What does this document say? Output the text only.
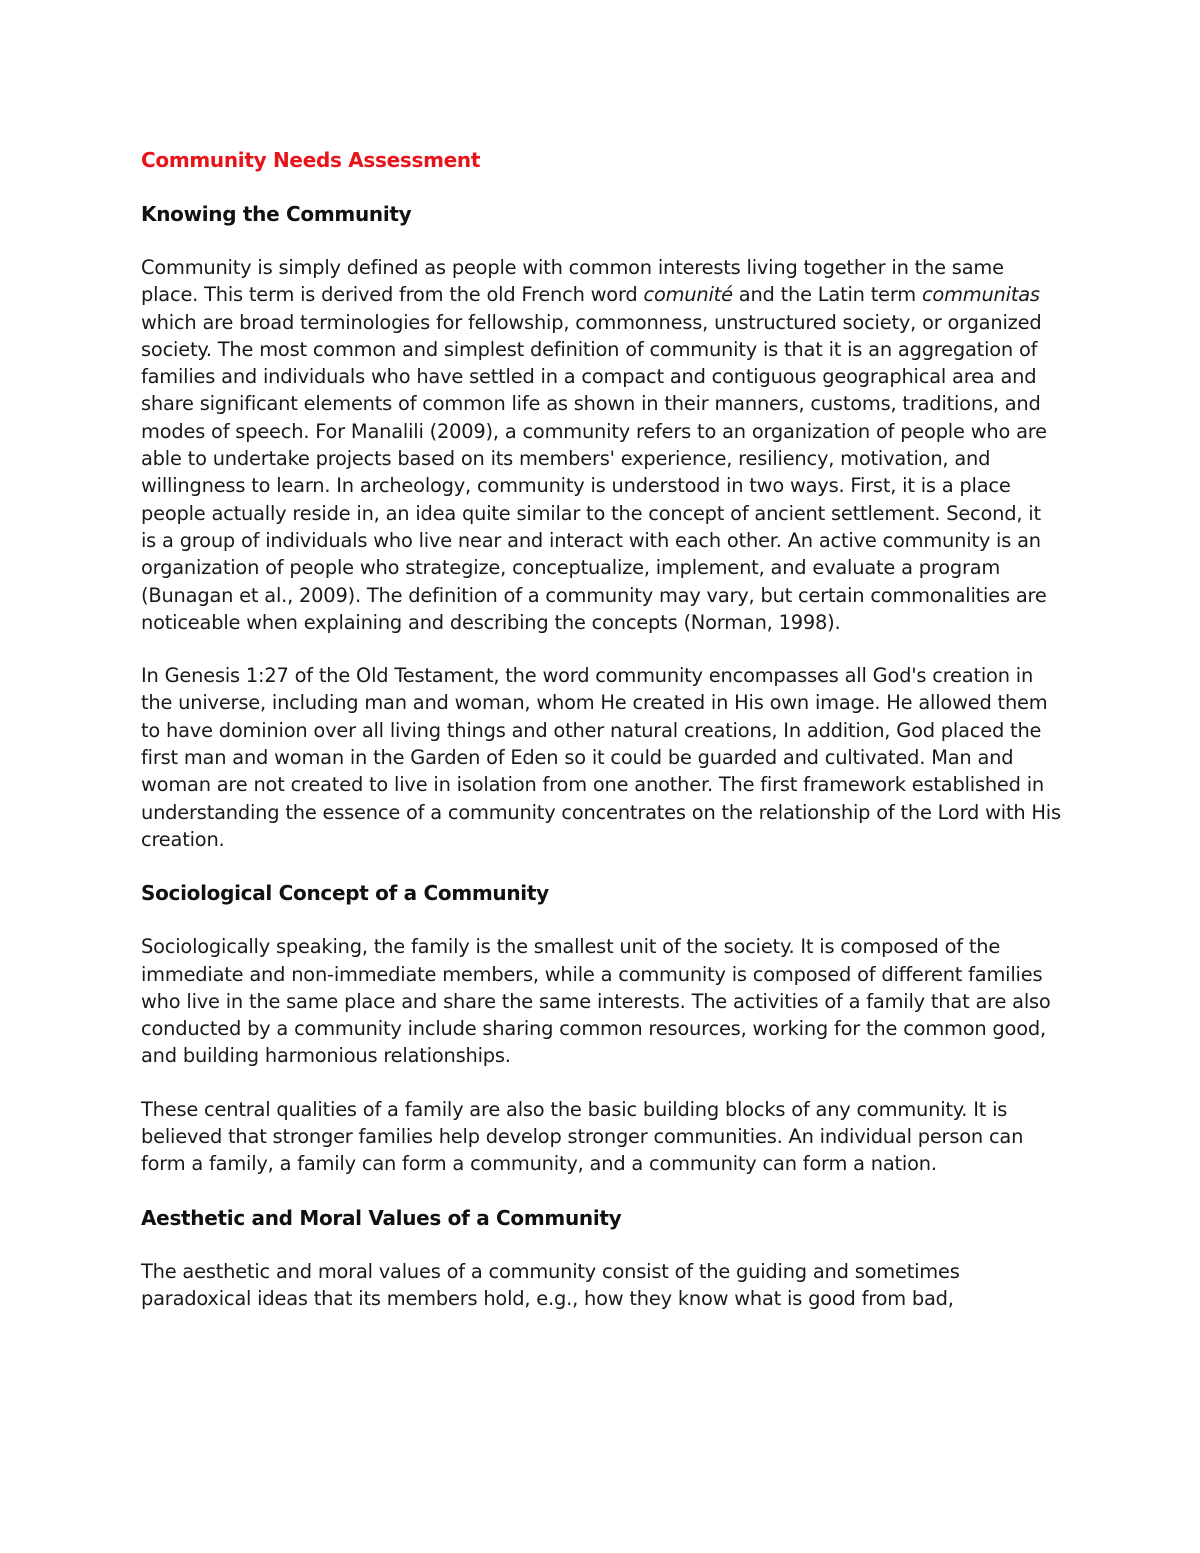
Community Needs Assessment
Knowing the Community

Community is simply defined as people with common interests living together in the same place. This term is derived from the old French word comunité and the Latin term communitas which are broad terminologies for fellowship, commonness, unstructured society, or organized society. The most common and simplest definition of community is that it is an aggregation of families and individuals who have settled in a compact and contiguous geographical area and share significant elements of common life as shown in their manners, customs, traditions, and modes of speech. For Manalili (2009), a community refers to an organization of people who are able to undertake projects based on its members' experience, resiliency, motivation, and willingness to learn. In archeology, community is understood in two ways. First, it is a place people actually reside in, an idea quite similar to the concept of ancient settlement. Second, it is a group of individuals who live near and interact with each other. An active community is an organization of people who strategize, conceptualize, implement, and evaluate a program (Bunagan et al., 2009). The definition of a community may vary, but certain commonalities are noticeable when explaining and describing the concepts (Norman, 1998).

In Genesis 1:27 of the Old Testament, the word community encompasses all God's creation in the universe, including man and woman, whom He created in His own image. He allowed them to have dominion over all living things and other natural creations, In addition, God placed the first man and woman in the Garden of Eden so it could be guarded and cultivated. Man and woman are not created to live in isolation from one another. The first framework established in understanding the essence of a community concentrates on the relationship of the Lord with His creation.

Sociological Concept of a Community

Sociologically speaking, the family is the smallest unit of the society. It is composed of the immediate and non-immediate members, while a community is composed of different families who live in the same place and share the same interests. The activities of a family that are also conducted by a community include sharing common resources, working for the common good, and building harmonious relationships.

These central qualities of a family are also the basic building blocks of any community. It is believed that stronger families help develop stronger communities. An individual person can form a family, a family can form a community, and a community can form a nation.

Aesthetic and Moral Values of a Community

The aesthetic and moral values of a community consist of the guiding and sometimes paradoxical ideas that its members hold, e.g., how they know what is good from bad,
